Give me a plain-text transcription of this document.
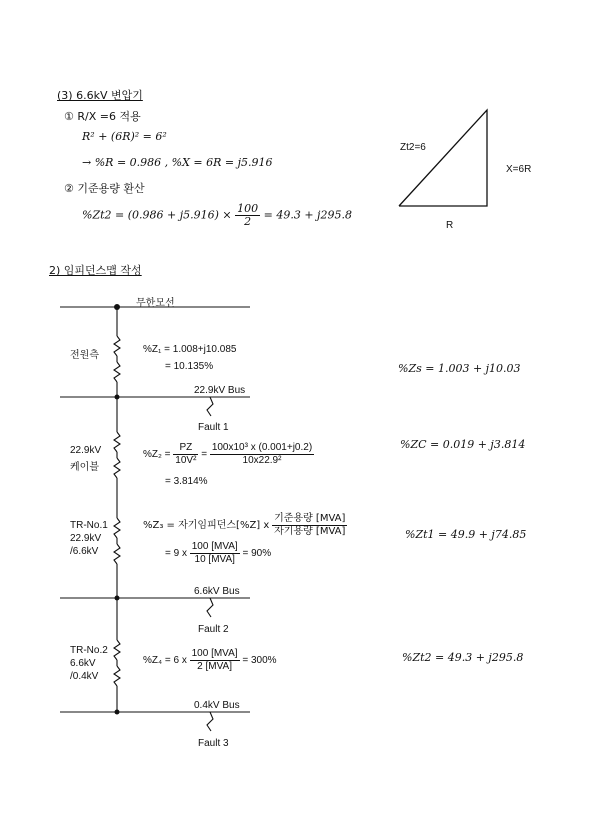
(3) 6.6kV 변압기
① R/X =6 적용
R² + (6R)² = 6²
→ %R = 0.986 , %X = 6R = j5.916
② 기준용량 환산
$\%Zt2 = (0.986 + j5.916) \times \frac{100}{2} = 49.3 + j295.8$
Zt2=6
X=6R
R
2) 임피던스맵 작성
무한모선
전원측
%Z₁ = 1.008+j10.085
= 10.135%
22.9kV Bus
Fault 1
22.9kV
케이블
$\%Z_2 = \frac{PZ}{\text{10V²}} = \frac{\text{100x10³ x (0.001+j0.2)}}{\text{10x22.9²}}$
= 3.814%
TR-No.1
22.9kV
/6.6kV
%Z₃ = 자기임피던스[%Z] x $\frac{\text{기준용량 [MVA]}}{\text{자기용량 [MVA]}}$
= 9 x $\frac{\text{100 [MVA]}}{\text{10 [MVA]}} = 90\%$
6.6kV Bus
Fault 2
TR-No.2
6.6kV
/0.4kV
%Z₄ = 6 x $\frac{\text{100 [MVA]}}{\text{2 [MVA]}} = 300\%$
0.4kV Bus
Fault 3
%Zs = 1.003 + j10.03
%ZC = 0.019 + j3.814
%Zt1 = 49.9 + j74.85
%Zt2 = 49.3 + j295.8
